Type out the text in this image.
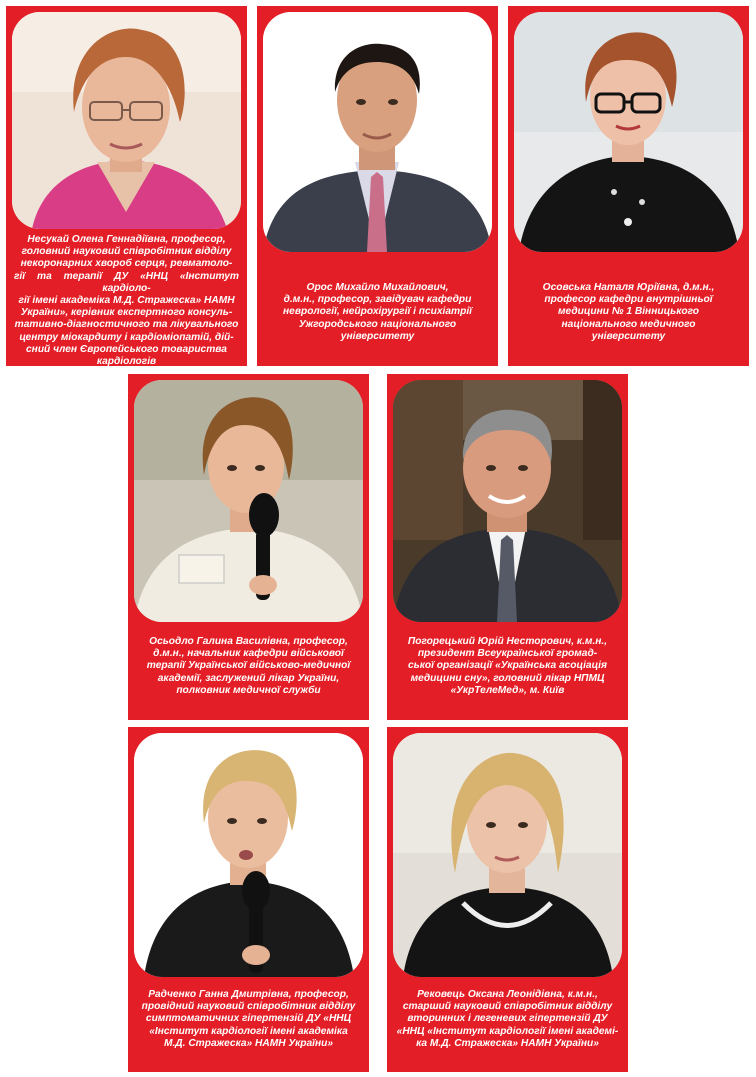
Несукай Олена Геннадіївна, професор,
головний науковий співробітник відділу
некоронарних хвороб серця, ревматоло-
гії та терапії ДУ «ННЦ «Інститут кардіоло-
гії імені академіка М.Д. Стражеска» НАМН
України», керівник експертного консуль-
тативно-діагностичного та лікувального
центру міокардиту і кардіоміопатій, дій-
сний член Європейського товариства
кардіологів
Орос Михайло Михайлович,
д.м.н., професор, завідувач кафедри
неврології, нейрохірургії і психіатрії
Ужгородського національного
університету
Осовська Наталя Юріївна, д.м.н.,
професор кафедри внутрішньої
медицини № 1 Вінницького
національного медичного
університету
Осьодло Галина Василівна, професор,
д.м.н., начальник кафедри військової
терапії Української військово-медичної
академії, заслужений лікар України,
полковник медичної служби
Погорецький Юрій Несторович, к.м.н.,
президент Всеукраїнської громад-
ської організації «Українська асоціація
медицини сну», головний лікар НПМЦ
«УкрТелеМед», м. Київ
Радченко Ганна Дмитрівна, професор,
провідний науковий співробітник відділу
симптоматичних гіпертензій ДУ «ННЦ
«Інститут кардіології імені академіка
М.Д. Стражеска» НАМН України»
Рековець Оксана Леонідівна, к.м.н.,
старший науковий співробітник відділу
вторинних і легеневих гіпертензій ДУ
«ННЦ «Інститут кардіології імені академі-
ка М.Д. Стражеска» НАМН України»
